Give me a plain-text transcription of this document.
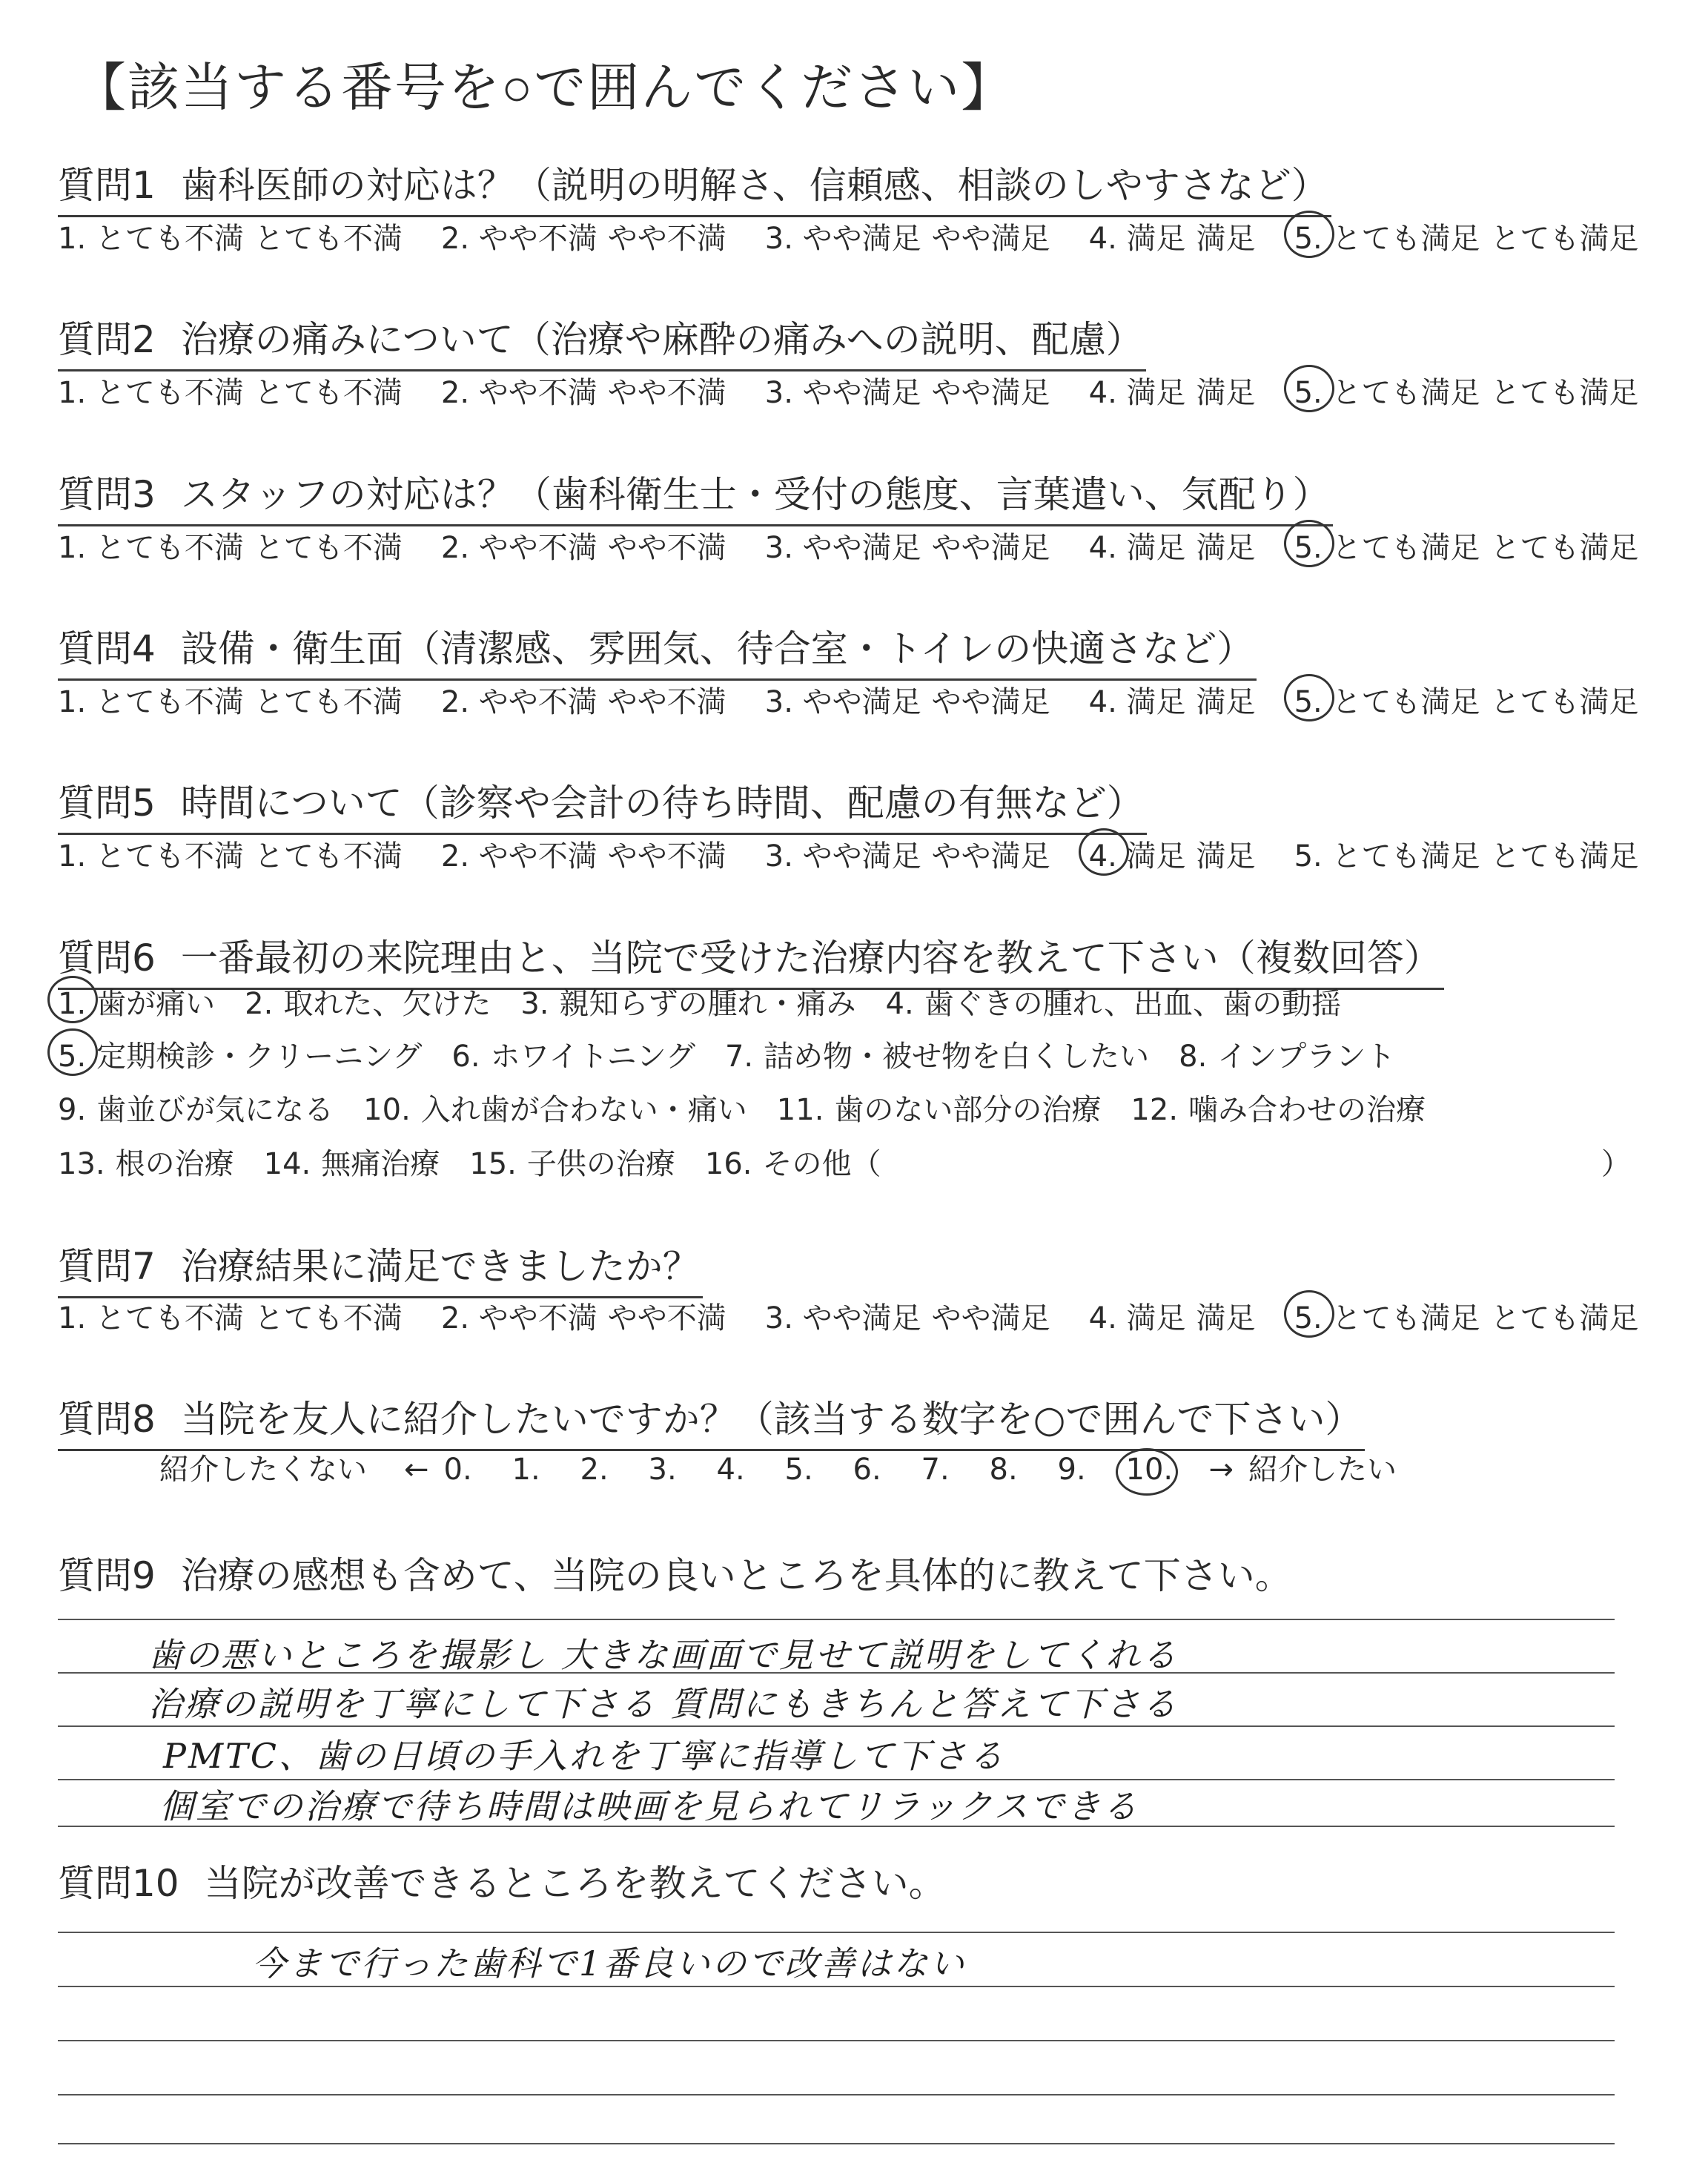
【該当する番号を○で囲んでください】
質問1 歯科医師の対応は？（説明の明解さ、信頼感、相談のしやすさなど）
1. とても不満 とても不満 2. やや不満 やや不満 3. やや満足 やや満足 4. 満足 満足 5. とても満足 とても満足
質問2 治療の痛みについて（治療や麻酔の痛みへの説明、配慮）
1. とても不満 とても不満 2. やや不満 やや不満 3. やや満足 やや満足 4. 満足 満足 5. とても満足 とても満足
質問3 スタッフの対応は？（歯科衛生士・受付の態度、言葉遣い、気配り）
1. とても不満 とても不満 2. やや不満 やや不満 3. やや満足 やや満足 4. 満足 満足 5. とても満足 とても満足
質問4 設備・衛生面（清潔感、雰囲気、待合室・トイレの快適さなど）
1. とても不満 とても不満 2. やや不満 やや不満 3. やや満足 やや満足 4. 満足 満足 5. とても満足 とても満足
質問5 時間について（診察や会計の待ち時間、配慮の有無など）
1. とても不満 とても不満 2. やや不満 やや不満 3. やや満足 やや満足 4. 満足 満足 5. とても満足 とても満足
質問6 一番最初の来院理由と、当院で受けた治療内容を教えて下さい（複数回答）
1. 歯が痛い 2. 取れた、欠けた 3. 親知らずの腫れ・痛み 4. 歯ぐきの腫れ、出血、歯の動揺
5. 定期検診・クリーニング 6. ホワイトニング 7. 詰め物・被せ物を白くしたい 8. インプラント
9. 歯並びが気になる 10. 入れ歯が合わない・痛い 11. 歯のない部分の治療 12. 噛み合わせの治療
13. 根の治療 14. 無痛治療 15. 子供の治療 16. その他（	）
質問7 治療結果に満足できましたか？
1. とても不満 とても不満 2. やや不満 やや不満 3. やや満足 やや満足 4. 満足 満足 5. とても満足 とても満足
質問8 当院を友人に紹介したいですか？（該当する数字を○で囲んで下さい）
紹介したくない ← 0. 1. 2. 3. 4. 5. 6. 7. 8. 9. 10. → 紹介したい
質問9 治療の感想も含めて、当院の良いところを具体的に教えて下さい。
歯の悪いところを撮影し 大きな画面で見せて説明をしてくれる
治療の説明を丁寧にして下さる 質問にもきちんと答えて下さる
PMTC、歯の日頃の手入れを丁寧に指導して下さる
個室での治療で待ち時間は映画を見られてリラックスできる
質問10 当院が改善できるところを教えてください。
今まで行った歯科で1番良いので改善はない
